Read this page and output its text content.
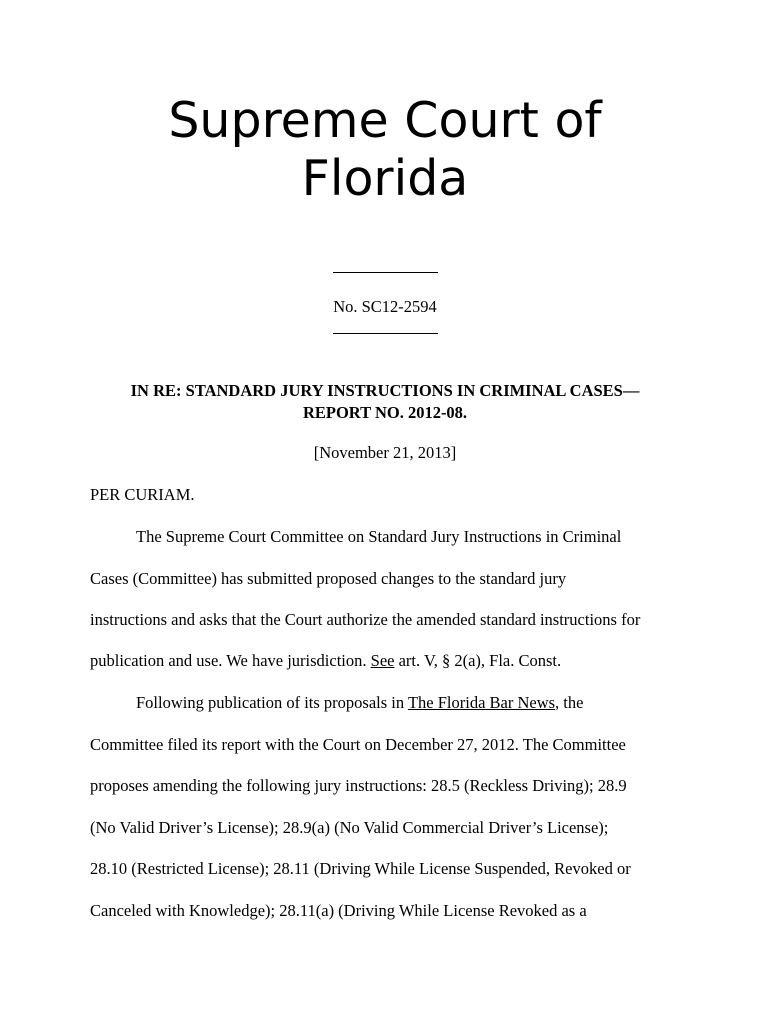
Supreme Court of
Florida
No. SC12-2594
IN RE: STANDARD JURY INSTRUCTIONS IN CRIMINAL CASES—
REPORT NO. 2012-08.
[November 21, 2013]
PER CURIAM.
The Supreme Court Committee on Standard Jury Instructions in Criminal
Cases (Committee) has submitted proposed changes to the standard jury
instructions and asks that the Court authorize the amended standard instructions for
publication and use. We have jurisdiction. See art. V, § 2(a), Fla. Const.
Following publication of its proposals in The Florida Bar News, the
Committee filed its report with the Court on December 27, 2012. The Committee
proposes amending the following jury instructions: 28.5 (Reckless Driving); 28.9
(No Valid Driver’s License); 28.9(a) (No Valid Commercial Driver’s License);
28.10 (Restricted License); 28.11 (Driving While License Suspended, Revoked or
Canceled with Knowledge); 28.11(a) (Driving While License Revoked as a
